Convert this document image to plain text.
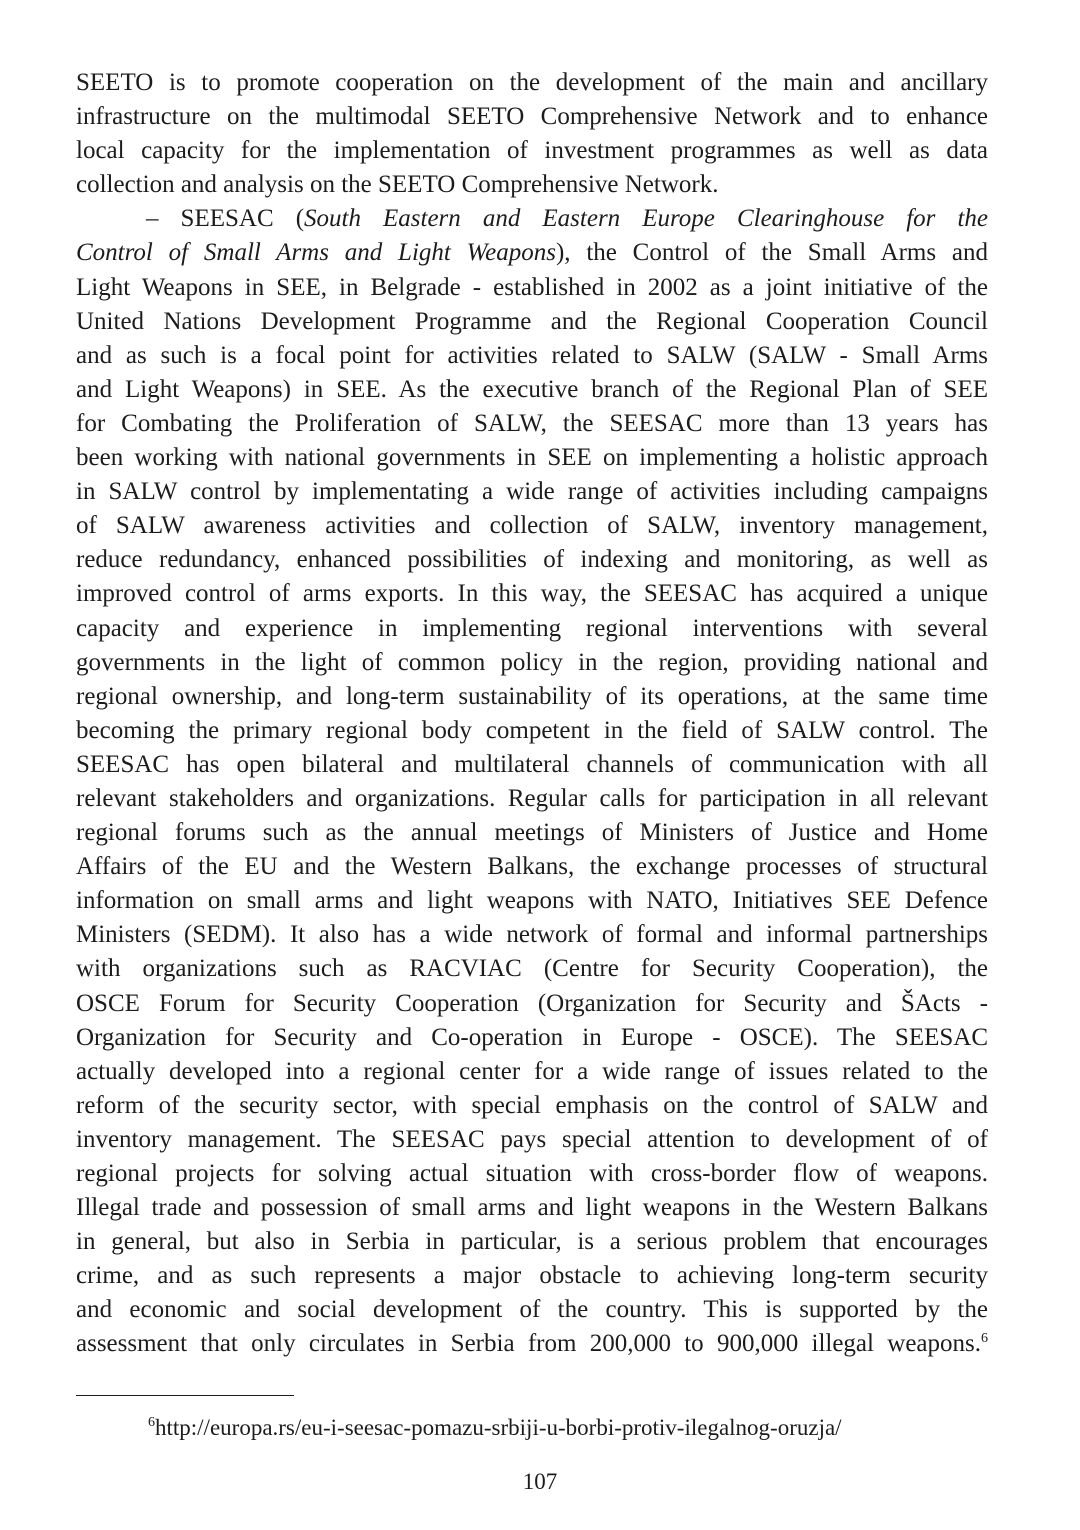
SEETO is to promote cooperation on the development of the main and ancillary
infrastructure on the multimodal SEETO Comprehensive Network and to enhance
local capacity for the implementation of investment programmes as well as data
collection and analysis on the SEETO Comprehensive Network.
– SEESAC (South Eastern and Eastern Europe Clearinghouse for the
Control of Small Arms and Light Weapons), the Control of the Small Arms and
Light Weapons in SEE, in Belgrade - established in 2002 as a joint initiative of the
United Nations Development Programme and the Regional Cooperation Council
and as such is a focal point for activities related to SALW (SALW - Small Arms
and Light Weapons) in SEE. As the executive branch of the Regional Plan of SEE
for Combating the Proliferation of SALW, the SEESAC more than 13 years has
been working with national governments in SEE on implementing a holistic approach
in SALW control by implementating a wide range of activities including campaigns
of SALW awareness activities and collection of SALW, inventory management,
reduce redundancy, enhanced possibilities of indexing and monitoring, as well as
improved control of arms exports. In this way, the SEESAC has acquired a unique
capacity and experience in implementing regional interventions with several
governments in the light of common policy in the region, providing national and
regional ownership, and long-term sustainability of its operations, at the same time
becoming the primary regional body competent in the field of SALW control. The
SEESAC has open bilateral and multilateral channels of communication with all
relevant stakeholders and organizations. Regular calls for participation in all relevant
regional forums such as the annual meetings of Ministers of Justice and Home
Affairs of the EU and the Western Balkans, the exchange processes of structural
information on small arms and light weapons with NATO, Initiatives SEE Defence
Ministers (SEDM). It also has a wide network of formal and informal partnerships
with organizations such as RACVIAC (Centre for Security Cooperation), the
OSCE Forum for Security Cooperation (Organization for Security and ŠActs -
Organization for Security and Co-operation in Europe - OSCE). The SEESAC
actually developed into a regional center for a wide range of issues related to the
reform of the security sector, with special emphasis on the control of SALW and
inventory management. The SEESAC pays special attention to development of of
regional projects for solving actual situation with cross-border flow of weapons.
Illegal trade and possession of small arms and light weapons in the Western Balkans
in general, but also in Serbia in particular, is a serious problem that encourages
crime, and as such represents a major obstacle to achieving long-term security
and economic and social development of the country. This is supported by the
assessment that only circulates in Serbia from 200,000 to 900,000 illegal weapons.$^6$
$^6$http://europa.rs/eu-i-seesac-pomazu-srbiji-u-borbi-protiv-ilegalnog-oruzja/
107
